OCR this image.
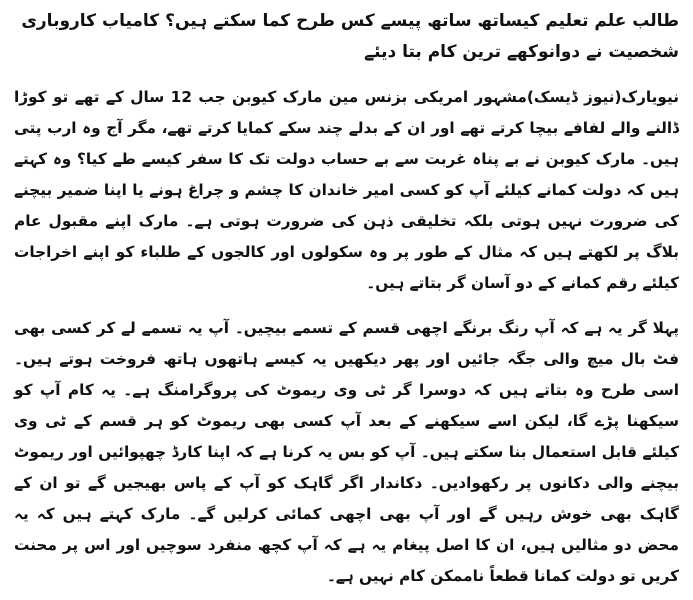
طالب علم تعلیم کیساتھ ساتھ پیسے کس طرح کما سکتے ہیں؟ کامیاب کاروباری شخصیت نے دوانوکھے ترین کام بتا دیئے

نیویارک(نیوز ڈیسک)مشہور امریکی بزنس مین مارک کیوبن جب 12 سال کے تھے تو کوڑا ڈالنے والے لفافے بیچا کرتے تھے اور ان کے بدلے چند سکے کمایا کرتے تھے، مگر آج وہ ارب پتی ہیں۔ مارک کیوبن نے بے پناہ غربت سے بے حساب دولت تک کا سفر کیسے طے کیا؟ وہ کہتے ہیں کہ دولت کمانے کیلئے آپ کو کسی امیر خاندان کا چشم و چراغ ہونے یا اپنا ضمیر بیچنے کی ضرورت نہیں ہوتی بلکہ تخلیقی ذہن کی ضرورت ہوتی ہے۔ مارک اپنے مقبول عام بلاگ پر لکھتے ہیں کہ مثال کے طور پر وہ سکولوں اور کالجوں کے طلباء کو اپنے اخراجات کیلئے رقم کمانے کے دو آسان گر بتاتے ہیں۔

پہلا گر یہ ہے کہ آپ رنگ برنگے اچھی قسم کے تسمے بیچیں۔ آپ یہ تسمے لے کر کسی بھی فٹ بال میچ والی جگہ جائیں اور پھر دیکھیں یہ کیسے ہاتھوں ہاتھ فروخت ہوتے ہیں۔ اسی طرح وہ بتاتے ہیں کہ دوسرا گر ٹی وی ریموٹ کی پروگرامنگ ہے۔ یہ کام آپ کو سیکھنا پڑے گا، لیکن اسے سیکھنے کے بعد آپ کسی بھی ریموٹ کو ہر قسم کے ٹی وی کیلئے قابل استعمال بنا سکتے ہیں۔ آپ کو بس یہ کرنا ہے کہ اپنا کارڈ چھپوائیں اور ریموٹ بیچنے والی دکانوں پر رکھوادیں۔ دکاندار اگر گاہک کو آپ کے پاس بھیجیں گے تو ان کے گاہک بھی خوش رہیں گے اور آپ بھی اچھی کمائی کرلیں گے۔ مارک کہتے ہیں کہ یہ محض دو مثالیں ہیں، ان کا اصل پیغام یہ ہے کہ آپ کچھ منفرد سوچیں اور اس پر محنت کریں تو دولت کمانا قطعاً ناممکن کام نہیں ہے۔
